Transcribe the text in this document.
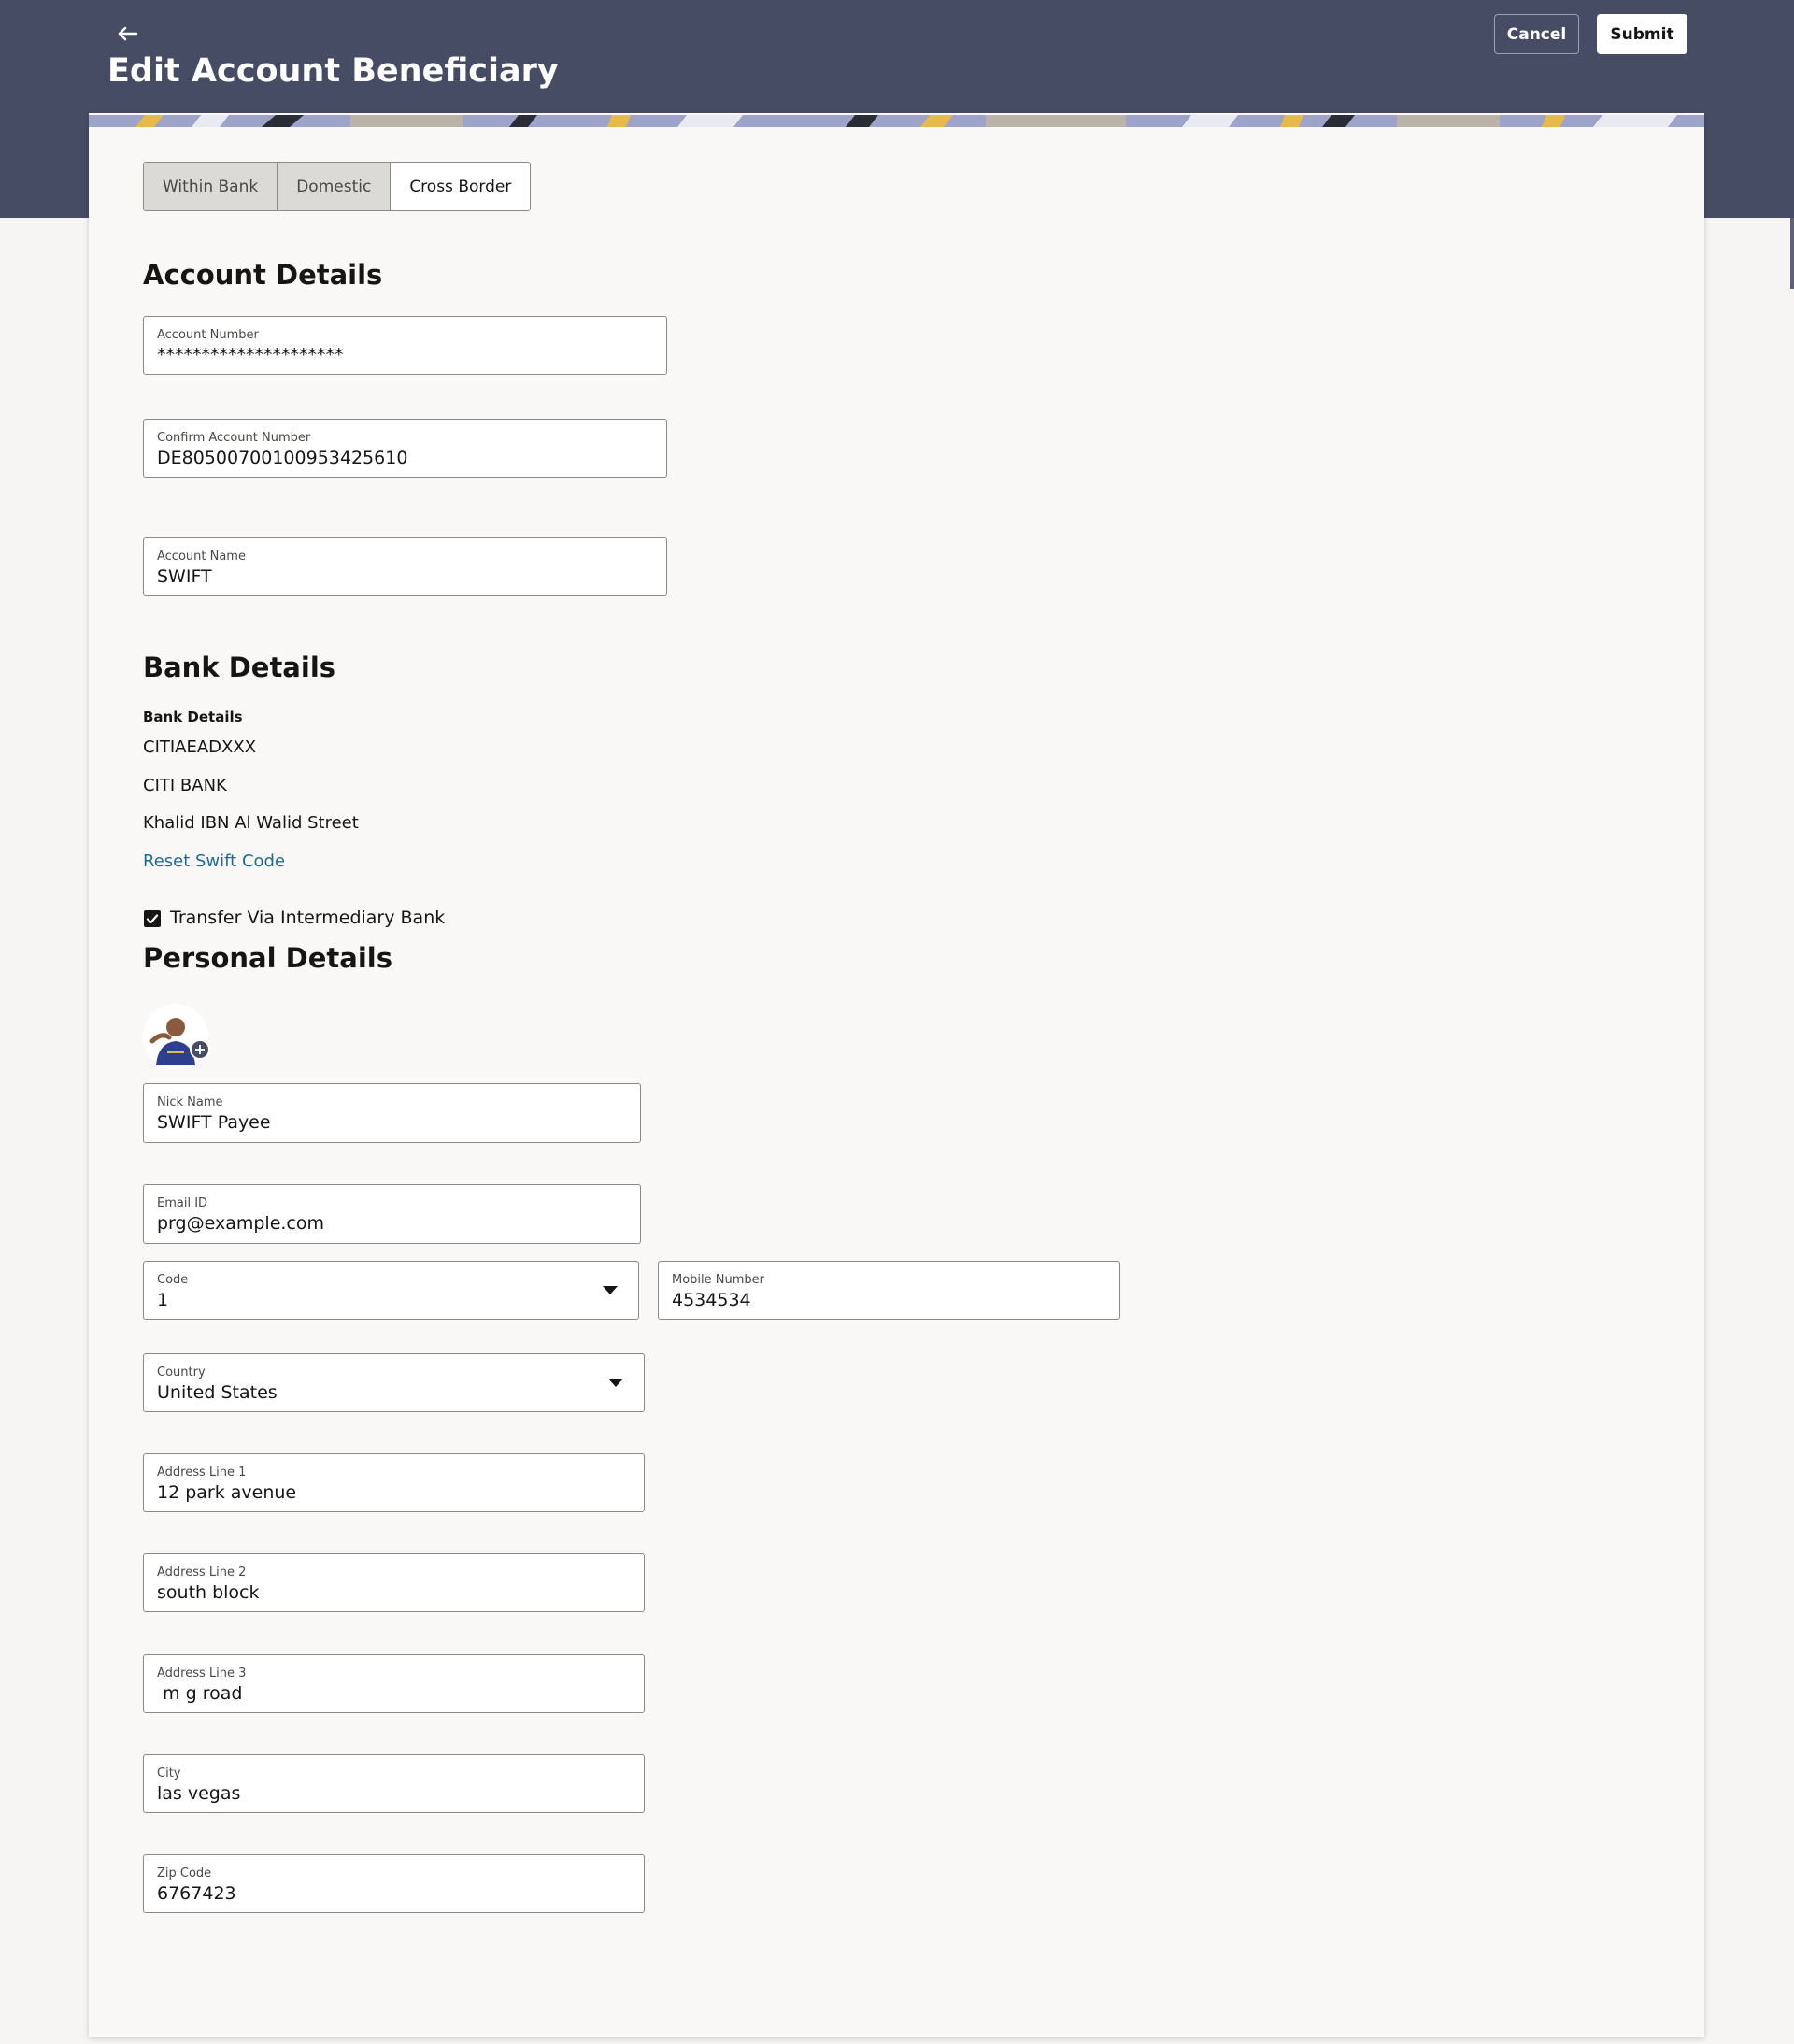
Edit Account Beneficiary
Cancel	Submit
Within Bank	Domestic	Cross Border
Account Details
Account Number
*********************
Confirm Account Number
DE80500700100953425610
Account Name
SWIFT
Bank Details
Bank Details
CITIAEADXXX
CITI BANK
Khalid IBN Al Walid Street
Reset Swift Code
Transfer Via Intermediary Bank
Personal Details
Nick Name
SWIFT Payee
Email ID
prg@example.com
Code
1
Mobile Number
4534534
Country
United States
Address Line 1
12 park avenue
Address Line 2
south block
Address Line 3
m g road
City
las vegas
Zip Code
6767423
